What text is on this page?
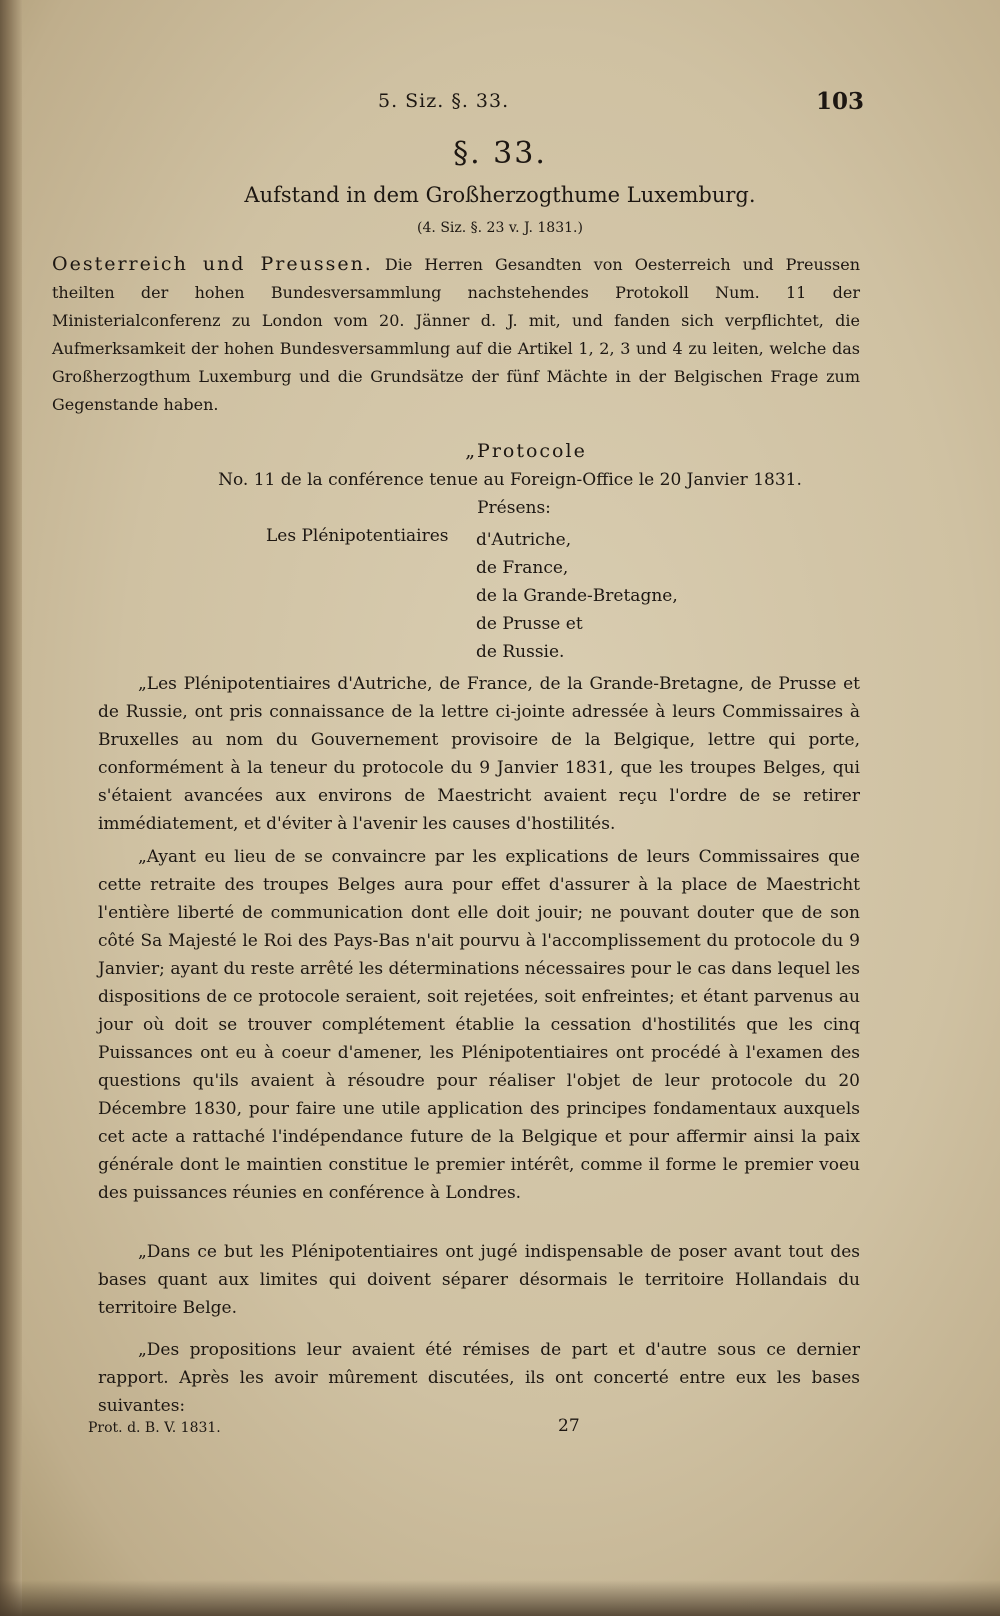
5. Siz. §. 33.	103
§. 33.
Aufstand in dem Großherzogthume Luxemburg.
(4. Siz. §. 23 v. J. 1831.)
Oesterreich und Preussen. Die Herren Gesandten von Oesterreich und Preussen theilten der hohen Bundesversammlung nachstehendes Protokoll Num. 11 der Ministerialconferenz zu London vom 20. Jänner d. J. mit, und fanden sich verpflichtet, die Aufmerksamkeit der hohen Bundesversammlung auf die Artikel 1, 2, 3 und 4 zu leiten, welche das Großherzogthum Luxemburg und die Grundsätze der fünf Mächte in der Belgischen Frage zum Gegenstande haben.
„Protocole
No. 11 de la conférence tenue au Foreign-Office le 20 Janvier 1831.
Présens:
Les Plénipotentiaires d'Autriche,
de France,
de la Grande-Bretagne,
de Prusse et
de Russie.
„Les Plénipotentiaires d'Autriche, de France, de la Grande-Bretagne, de Prusse et de Russie, ont pris connaissance de la lettre ci-jointe adressée à leurs Commissaires à Bruxelles au nom du Gouvernement provisoire de la Belgique, lettre qui porte, conformément à la teneur du protocole du 9 Janvier 1831, que les troupes Belges, qui s'étaient avancées aux environs de Maestricht avaient reçu l'ordre de se retirer immédiatement, et d'éviter à l'avenir les causes d'hostilités.
„Ayant eu lieu de se convaincre par les explications de leurs Commissaires que cette retraite des troupes Belges aura pour effet d'assurer à la place de Maestricht l'entière liberté de communication dont elle doit jouir; ne pouvant douter que de son côté Sa Majesté le Roi des Pays-Bas n'ait pourvu à l'accomplissement du protocole du 9 Janvier; ayant du reste arrêté les déterminations nécessaires pour le cas dans lequel les dispositions de ce protocole seraient, soit rejetées, soit enfreintes; et étant parvenus au jour où doit se trouver complétement établie la cessation d'hostilités que les cinq Puissances ont eu à coeur d'amener, les Plénipotentiaires ont procédé à l'examen des questions qu'ils avaient à résoudre pour réaliser l'objet de leur protocole du 20 Décembre 1830, pour faire une utile application des principes fondamentaux auxquels cet acte a rattaché l'indépendance future de la Belgique et pour affermir ainsi la paix générale dont le maintien constitue le premier intérêt, comme il forme le premier voeu des puissances réunies en conférence à Londres.
„Dans ce but les Plénipotentiaires ont jugé indispensable de poser avant tout des bases quant aux limites qui doivent séparer désormais le territoire Hollandais du territoire Belge.
„Des propositions leur avaient été rémises de part et d'autre sous ce dernier rapport. Après les avoir mûrement discutées, ils ont concerté entre eux les bases suivantes:
Prot. d. B. V. 1831.	27
